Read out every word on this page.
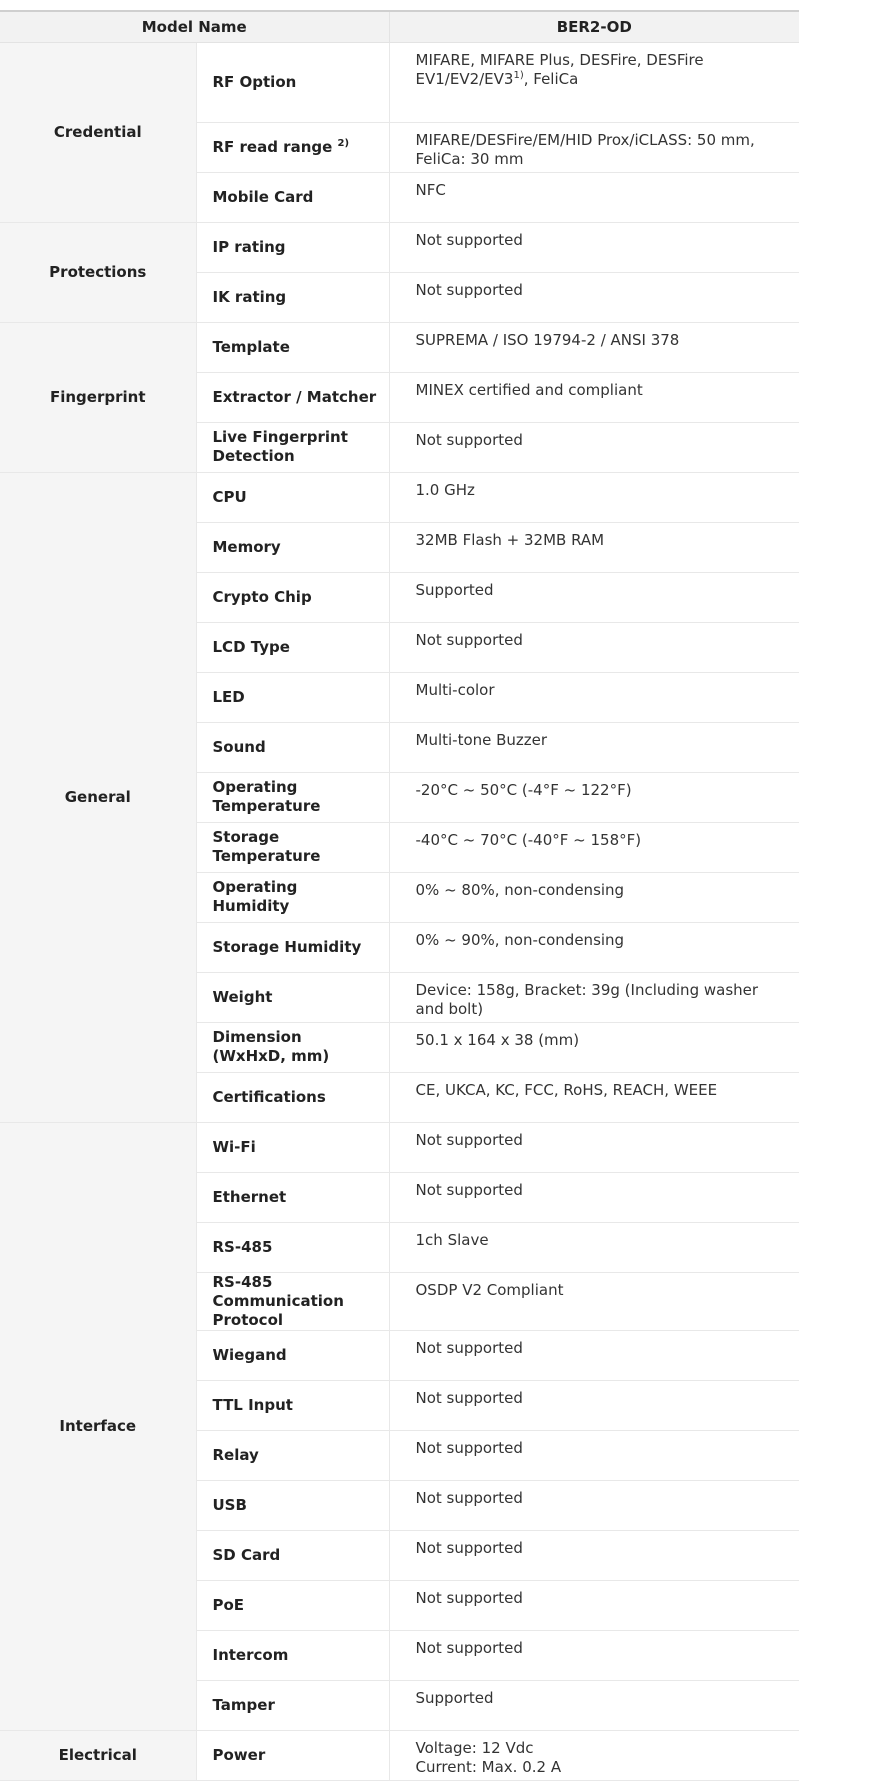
Model Name		BER2-OD
Credential	RF Option	MIFARE, MIFARE Plus, DESFire, DESFire
EV1/EV2/EV3$^{1)}$, FeliCa

	RF read range $^{2)}$	MIFARE/DESFire/EM/HID Prox/iCLASS: 50 mm,
FeliCa: 30 mm

	Mobile Card	NFC

Protections	IP rating	Not supported

	IK rating	Not supported

Fingerprint	Template	SUPREMA / ISO 19794-2 / ANSI 378

	Extractor / Matcher	MINEX certified and compliant

	Live Fingerprint Detection	Not supported

General	CPU	1.0 GHz

	Memory	32MB Flash + 32MB RAM

	Crypto Chip	Supported

	LCD Type	Not supported

	LED	Multi-color

	Sound	Multi-tone Buzzer

	Operating Temperature	-20°C ~ 50°C (-4°F ~ 122°F)

	Storage Temperature	-40°C ~ 70°C (-40°F ~ 158°F)

	Operating Humidity	0% ~ 80%, non-condensing

	Storage Humidity	0% ~ 90%, non-condensing

	Weight	Device: 158g, Bracket: 39g (Including washer
and bolt)

	Dimension (WxHxD, mm)	50.1 x 164 x 38 (mm)

	Certifications	CE, UKCA, KC, FCC, RoHS, REACH, WEEE

Interface	Wi-Fi	Not supported

	Ethernet	Not supported

	RS-485	1ch Slave

	RS-485 Communication Protocol	OSDP V2 Compliant

	Wiegand	Not supported

	TTL Input	Not supported

	Relay	Not supported

	USB	Not supported

	SD Card	Not supported

	PoE	Not supported

	Intercom	Not supported

	Tamper	Supported

Electrical	Power	Voltage: 12 Vdc
Current: Max. 0.2 A
